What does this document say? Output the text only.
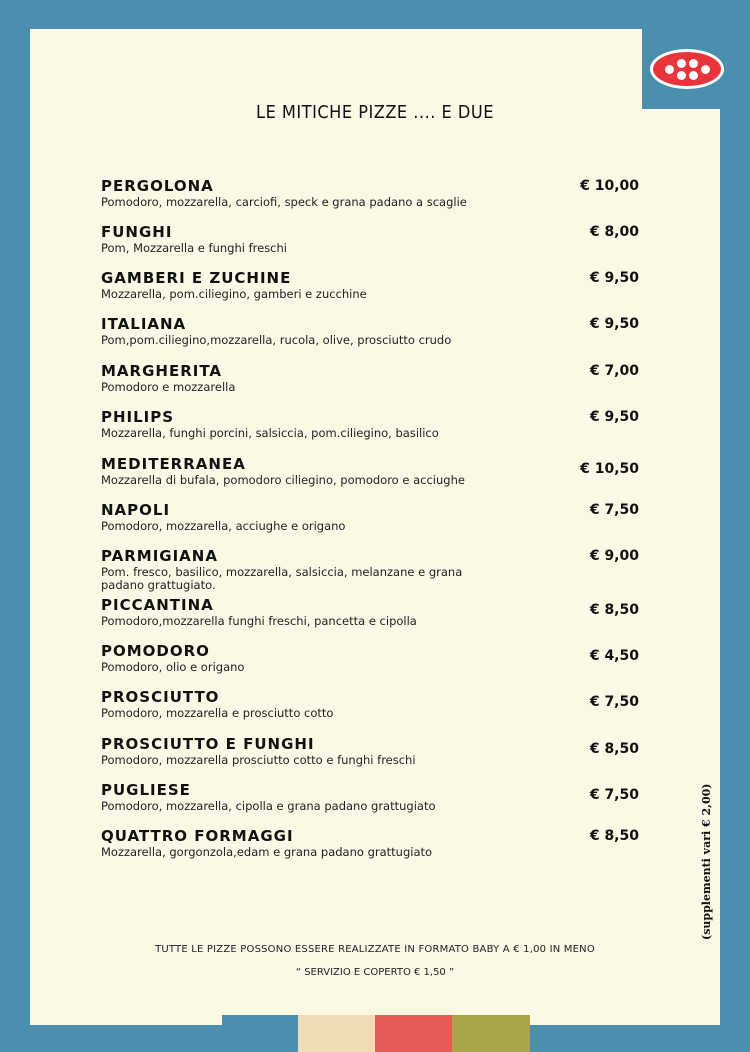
LE MITICHE PIZZE .... E DUE
PERGOLONA
Pomodoro, mozzarella, carciofi, speck e grana padano a scaglie
€ 10,00
FUNGHI
Pom, Mozzarella e funghi freschi
€ 8,00
GAMBERI E ZUCHINE
Mozzarella, pom.ciliegino, gamberi e zucchine
€ 9,50
ITALIANA
Pom,pom.ciliegino,mozzarella, rucola, olive, prosciutto crudo
€ 9,50
MARGHERITA
Pomodoro e mozzarella
€ 7,00
PHILIPS
Mozzarella, funghi porcini, salsiccia, pom.ciliegino, basilico
€ 9,50
MEDITERRANEA
Mozzarella di bufala, pomodoro ciliegino, pomodoro e acciughe
€ 10,50
NAPOLI
Pomodoro, mozzarella, acciughe e origano
€ 7,50
PARMIGIANA
Pom. fresco, basilico, mozzarella, salsiccia, melanzane e grana padano grattugiato.
€ 9,00
PICCANTINA
Pomodoro,mozzarella funghi freschi, pancetta e cipolla
€ 8,50
POMODORO
Pomodoro, olio e origano
€ 4,50
PROSCIUTTO
Pomodoro, mozzarella e prosciutto cotto
€ 7,50
PROSCIUTTO E FUNGHI
Pomodoro, mozzarella prosciutto cotto e funghi freschi
€ 8,50
PUGLIESE
Pomodoro, mozzarella, cipolla e grana padano grattugiato
€ 7,50
QUATTRO FORMAGGI
Mozzarella, gorgonzola,edam e grana padano grattugiato
€ 8,50	(supplementi vari € 2,00)
TUTTE LE PIZZE POSSONO ESSERE REALIZZATE IN FORMATO BABY A € 1,00 IN MENO
“ SERVIZIO E COPERTO € 1,50 ”
